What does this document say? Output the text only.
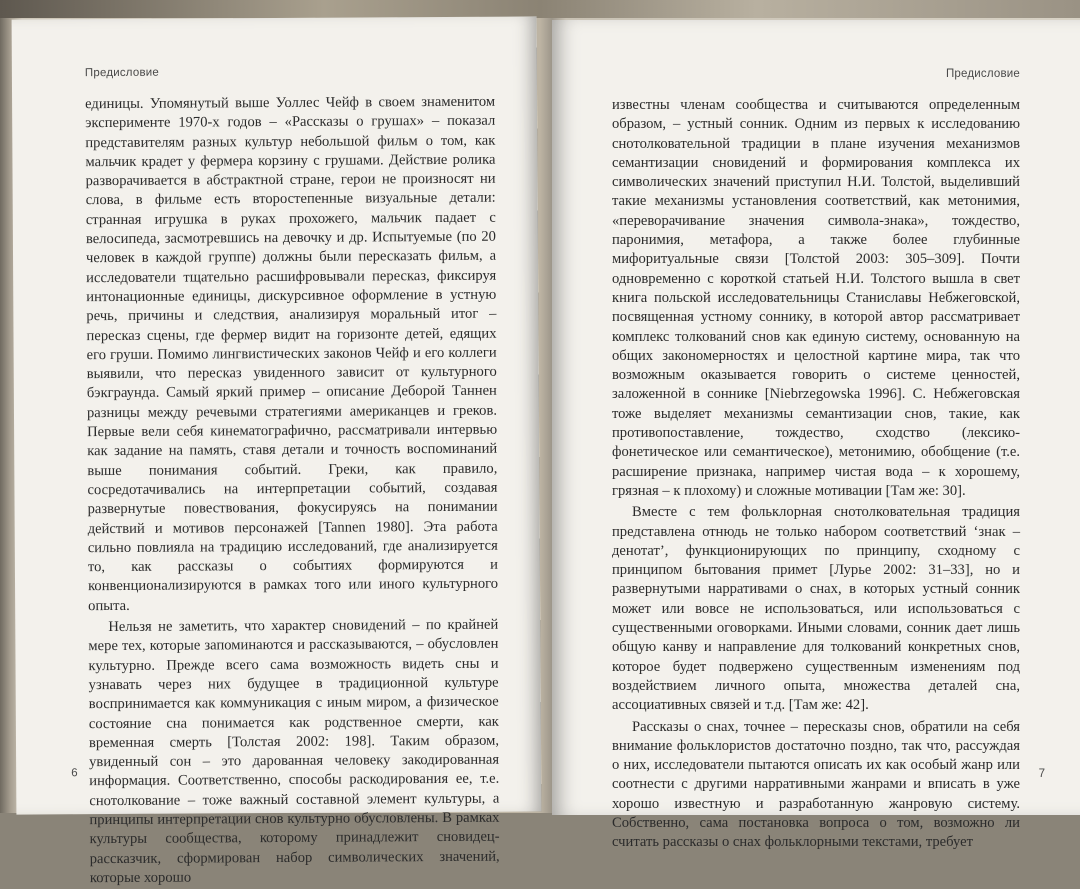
Предисловие

единицы. Упомянутый выше Уоллес Чейф в своем знаменитом эксперименте 1970-х годов – «Рассказы о грушах» – показал представителям разных культур небольшой фильм о том, как мальчик крадет у фермера корзину с грушами. Действие ролика разворачивается в абстрактной стране, герои не произносят ни слова, в фильме есть второстепенные визуальные детали: странная игрушка в руках прохожего, мальчик падает с велосипеда, засмотревшись на девочку и др. Испытуемые (по 20 человек в каждой группе) должны были пересказать фильм, а исследователи тщательно расшифровывали пересказ, фиксируя интонационные единицы, дискурсивное оформление в устную речь, причины и следствия, анализируя моральный итог – пересказ сцены, где фермер видит на горизонте детей, едящих его груши. Помимо лингвистических законов Чейф и его коллеги выявили, что пересказ увиденного зависит от культурного бэкграунда. Самый яркий пример – описание Деборой Таннен разницы между речевыми стратегиями американцев и греков. Первые вели себя кинематографично, рассматривали интервью как задание на память, ставя детали и точность воспоминаний выше понимания событий. Греки, как правило, сосредотачивались на интерпретации событий, создавая развернутые повествования, фокусируясь на понимании действий и мотивов персонажей [Tannen 1980]. Эта работа сильно повлияла на традицию исследований, где анализируется то, как рассказы о событиях формируются и конвенционализируются в рамках того или иного культурного опыта.

Нельзя не заметить, что характер сновидений – по крайней мере тех, которые запоминаются и рассказываются, – обусловлен культурно. Прежде всего сама возможность видеть сны и узнавать через них будущее в традиционной культуре воспринимается как коммуникация с иным миром, а физическое состояние сна понимается как родственное смерти, как временная смерть [Толстая 2002: 198]. Таким образом, увиденный сон – это дарованная человеку закодированная информация. Соответственно, способы раскодирования ее, т.е. снотолкование – тоже важный составной элемент культуры, а принципы интерпретации снов культурно обусловлены. В рамках культуры сообщества, которому принадлежит сновидец-рассказчик, сформирован набор символических значений, которые хорошо

6
Предисловие

известны членам сообщества и считываются определенным образом, – устный сонник. Одним из первых к исследованию снотолковательной традиции в плане изучения механизмов семантизации сновидений и формирования комплекса их символических значений приступил Н.И. Толстой, выделивший такие механизмы установления соответствий, как метонимия, «переворачивание значения символа-знака», тождество, паронимия, метафора, а также более глубинные мифоритуальные связи [Толстой 2003: 305–309]. Почти одновременно с короткой статьей Н.И. Толстого вышла в свет книга польской исследовательницы Станиславы Небжеговской, посвященная устному соннику, в которой автор рассматривает комплекс толкований снов как единую систему, основанную на общих закономерностях и целостной картине мира, так что возможным оказывается говорить о системе ценностей, заложенной в соннике [Niebrzegowska 1996]. С. Небжеговская тоже выделяет механизмы семантизации снов, такие, как противопоставление, тождество, сходство (лексико-фонетическое или семантическое), метонимию, обобщение (т.е. расширение признака, например чистая вода – к хорошему, грязная – к плохому) и сложные мотивации [Там же: 30].

Вместе с тем фольклорная снотолковательная традиция представлена отнюдь не только набором соответствий ‘знак – денотат’, функционирующих по принципу, сходному с принципом бытования примет [Лурье 2002: 31–33], но и развернутыми нарративами о снах, в которых устный сонник может или вовсе не использоваться, или использоваться с существенными оговорками. Иными словами, сонник дает лишь общую канву и направление для толкований конкретных снов, которое будет подвержено существенным изменениям под воздействием личного опыта, множества деталей сна, ассоциативных связей и т.д. [Там же: 42].

Рассказы о снах, точнее – пересказы снов, обратили на себя внимание фольклористов достаточно поздно, так что, рассуждая о них, исследователи пытаются описать их как особый жанр или соотнести с другими нарративными жанрами и вписать в уже хорошо известную и разработанную жанровую систему. Собственно, сама постановка вопроса о том, возможно ли считать рассказы о снах фольклорными текстами, требует

7
